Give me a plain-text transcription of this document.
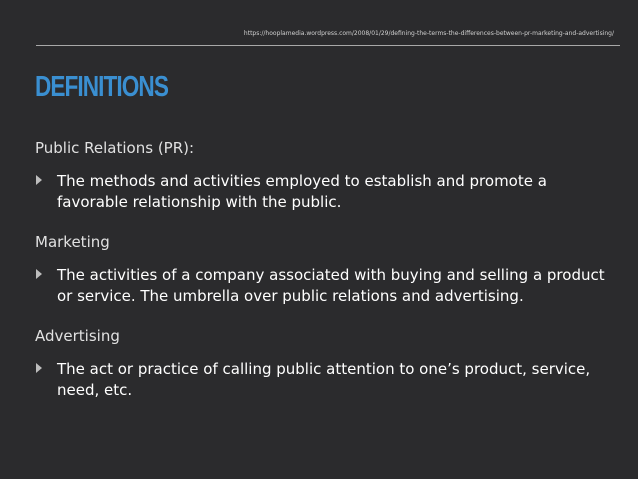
https://hooplamedia.wordpress.com/2008/01/29/defining-the-terms-the-differences-between-pr-marketing-and-advertising/
DEFINITIONS

Public Relations (PR):

The methods and activities employed to establish and promote a favorable relationship with the public.

Marketing

The activities of a company associated with buying and selling a product or service. The umbrella over public relations and advertising.

Advertising

The act or practice of calling public attention to one’s product, service, need, etc.
